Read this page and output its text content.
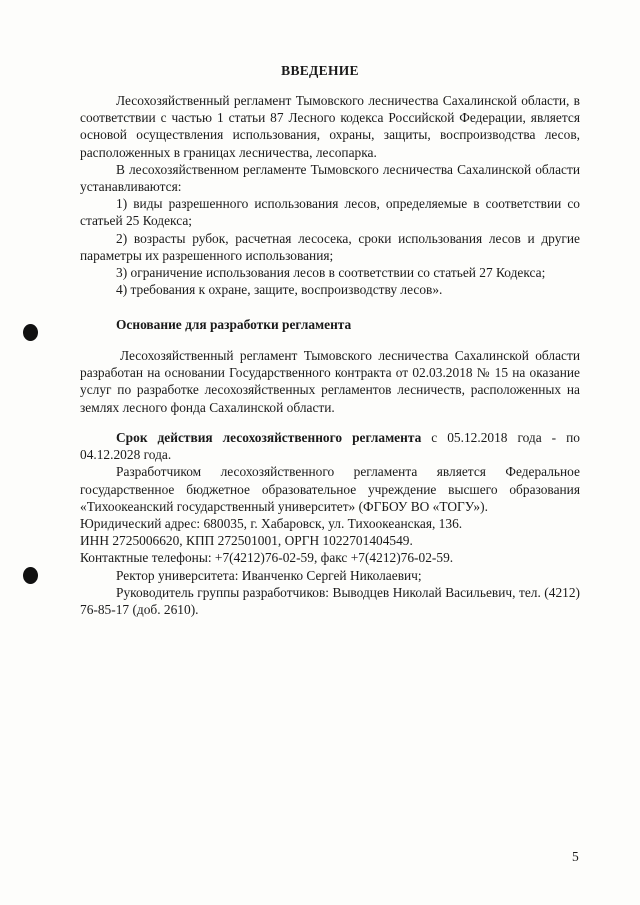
ВВЕДЕНИЕ

Лесохозяйственный регламент Тымовского лесничества Сахалинской области, в соответствии с частью 1 статьи 87 Лесного кодекса Российской Федерации, является основой осуществления использования, охраны, защиты, воспроизводства лесов, расположенных в границах лесничества, лесопарка.

В лесохозяйственном регламенте Тымовского лесничества Сахалинской области устанавливаются:

1) виды разрешенного использования лесов, определяемые в соответствии со статьей 25 Кодекса;

2) возрасты рубок, расчетная лесосека, сроки использования лесов и другие параметры их разрешенного использования;

3) ограничение использования лесов в соответствии со статьей 27 Кодекса;

4) требования к охране, защите, воспроизводству лесов».

Основание для разработки регламента

Лесохозяйственный регламент Тымовского лесничества Сахалинской области разработан на основании Государственного контракта от 02.03.2018 № 15 на оказание услуг по разработке лесохозяйственных регламентов лесничеств, расположенных на землях лесного фонда Сахалинской области.

Срок действия лесохозяйственного регламента с 05.12.2018 года - по 04.12.2028 года.

Разработчиком лесохозяйственного регламента является Федеральное государственное бюджетное образовательное учреждение высшего образования «Тихоокеанский государственный университет» (ФГБОУ ВО «ТОГУ»).

Юридический адрес: 680035, г. Хабаровск, ул. Тихоокеанская, 136.

ИНН 2725006620, КПП 272501001, ОРГН 1022701404549.

Контактные телефоны: +7(4212)76-02-59, факс +7(4212)76-02-59.

Ректор университета: Иванченко Сергей Николаевич;

Руководитель группы разработчиков: Выводцев Николай Васильевич, тел. (4212) 76-85-17 (доб. 2610).

5
